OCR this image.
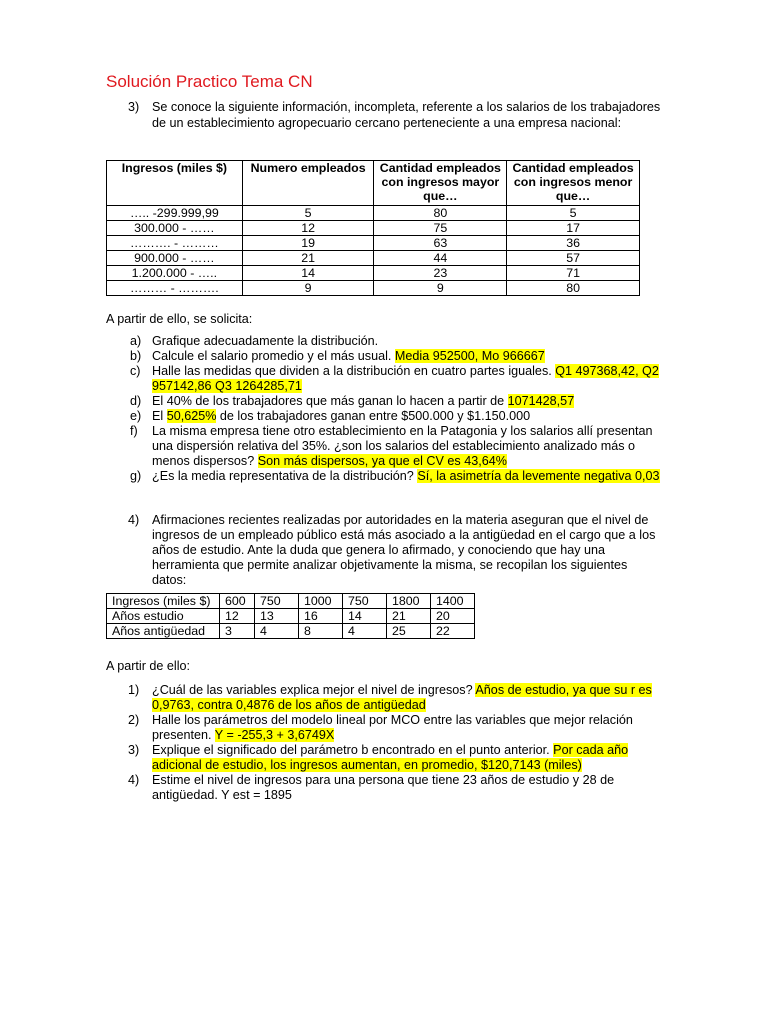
Solución Practico Tema CN
3) Se conoce la siguiente información, incompleta, referente a los salarios de los trabajadores
de un establecimiento agropecuario cercano perteneciente a una empresa nacional:
Ingresos (miles $)	Numero empleados	Cantidad empleados con ingresos mayor que…	Cantidad empleados con ingresos menor que…
….. -299.999,99	5	80	5
300.000 - ……	12	75	17
………. - ………	19	63	36
900.000 - ……	21	44	57
1.200.000 - …..	14	23	71
……… - ……….	9	9	80
A partir de ello, se solicita:
a) Grafique adecuadamente la distribución.
b) Calcule el salario promedio y el más usual. Media 952500, Mo 966667
c) Halle las medidas que dividen a la distribución en cuatro partes iguales. Q1 497368,42, Q2
957142,86 Q3 1264285,71
d) El 40% de los trabajadores que más ganan lo hacen a partir de 1071428,57
e) El 50,625% de los trabajadores ganan entre $500.000 y $1.150.000
f) La misma empresa tiene otro establecimiento en la Patagonia y los salarios allí presentan
una dispersión relativa del 35%. ¿son los salarios del establecimiento analizado más o
menos dispersos? Son más dispersos, ya que el CV es 43,64%
g) ¿Es la media representativa de la distribución? Sí, la asimetría da levemente negativa 0,03
4) Afirmaciones recientes realizadas por autoridades en la materia aseguran que el nivel de
ingresos de un empleado público está más asociado a la antigüedad en el cargo que a los
años de estudio. Ante la duda que genera lo afirmado, y conociendo que hay una
herramienta que permite analizar objetivamente la misma, se recopilan los siguientes
datos:
Ingresos (miles $)	600	750	1000	750	1800	1400
Años estudio	12	13	16	14	21	20
Años antigüedad	3	4	8	4	25	22
A partir de ello:
1) ¿Cuál de las variables explica mejor el nivel de ingresos? Años de estudio, ya que su r es
0,9763, contra 0,4876 de los años de antigüedad
2) Halle los parámetros del modelo lineal por MCO entre las variables que mejor relación
presenten. Y = -255,3 + 3,6749X
3) Explique el significado del parámetro b encontrado en el punto anterior. Por cada año
adicional de estudio, los ingresos aumentan, en promedio, $120,7143 (miles)
4) Estime el nivel de ingresos para una persona que tiene 23 años de estudio y 28 de
antigüedad. Y est = 1895
